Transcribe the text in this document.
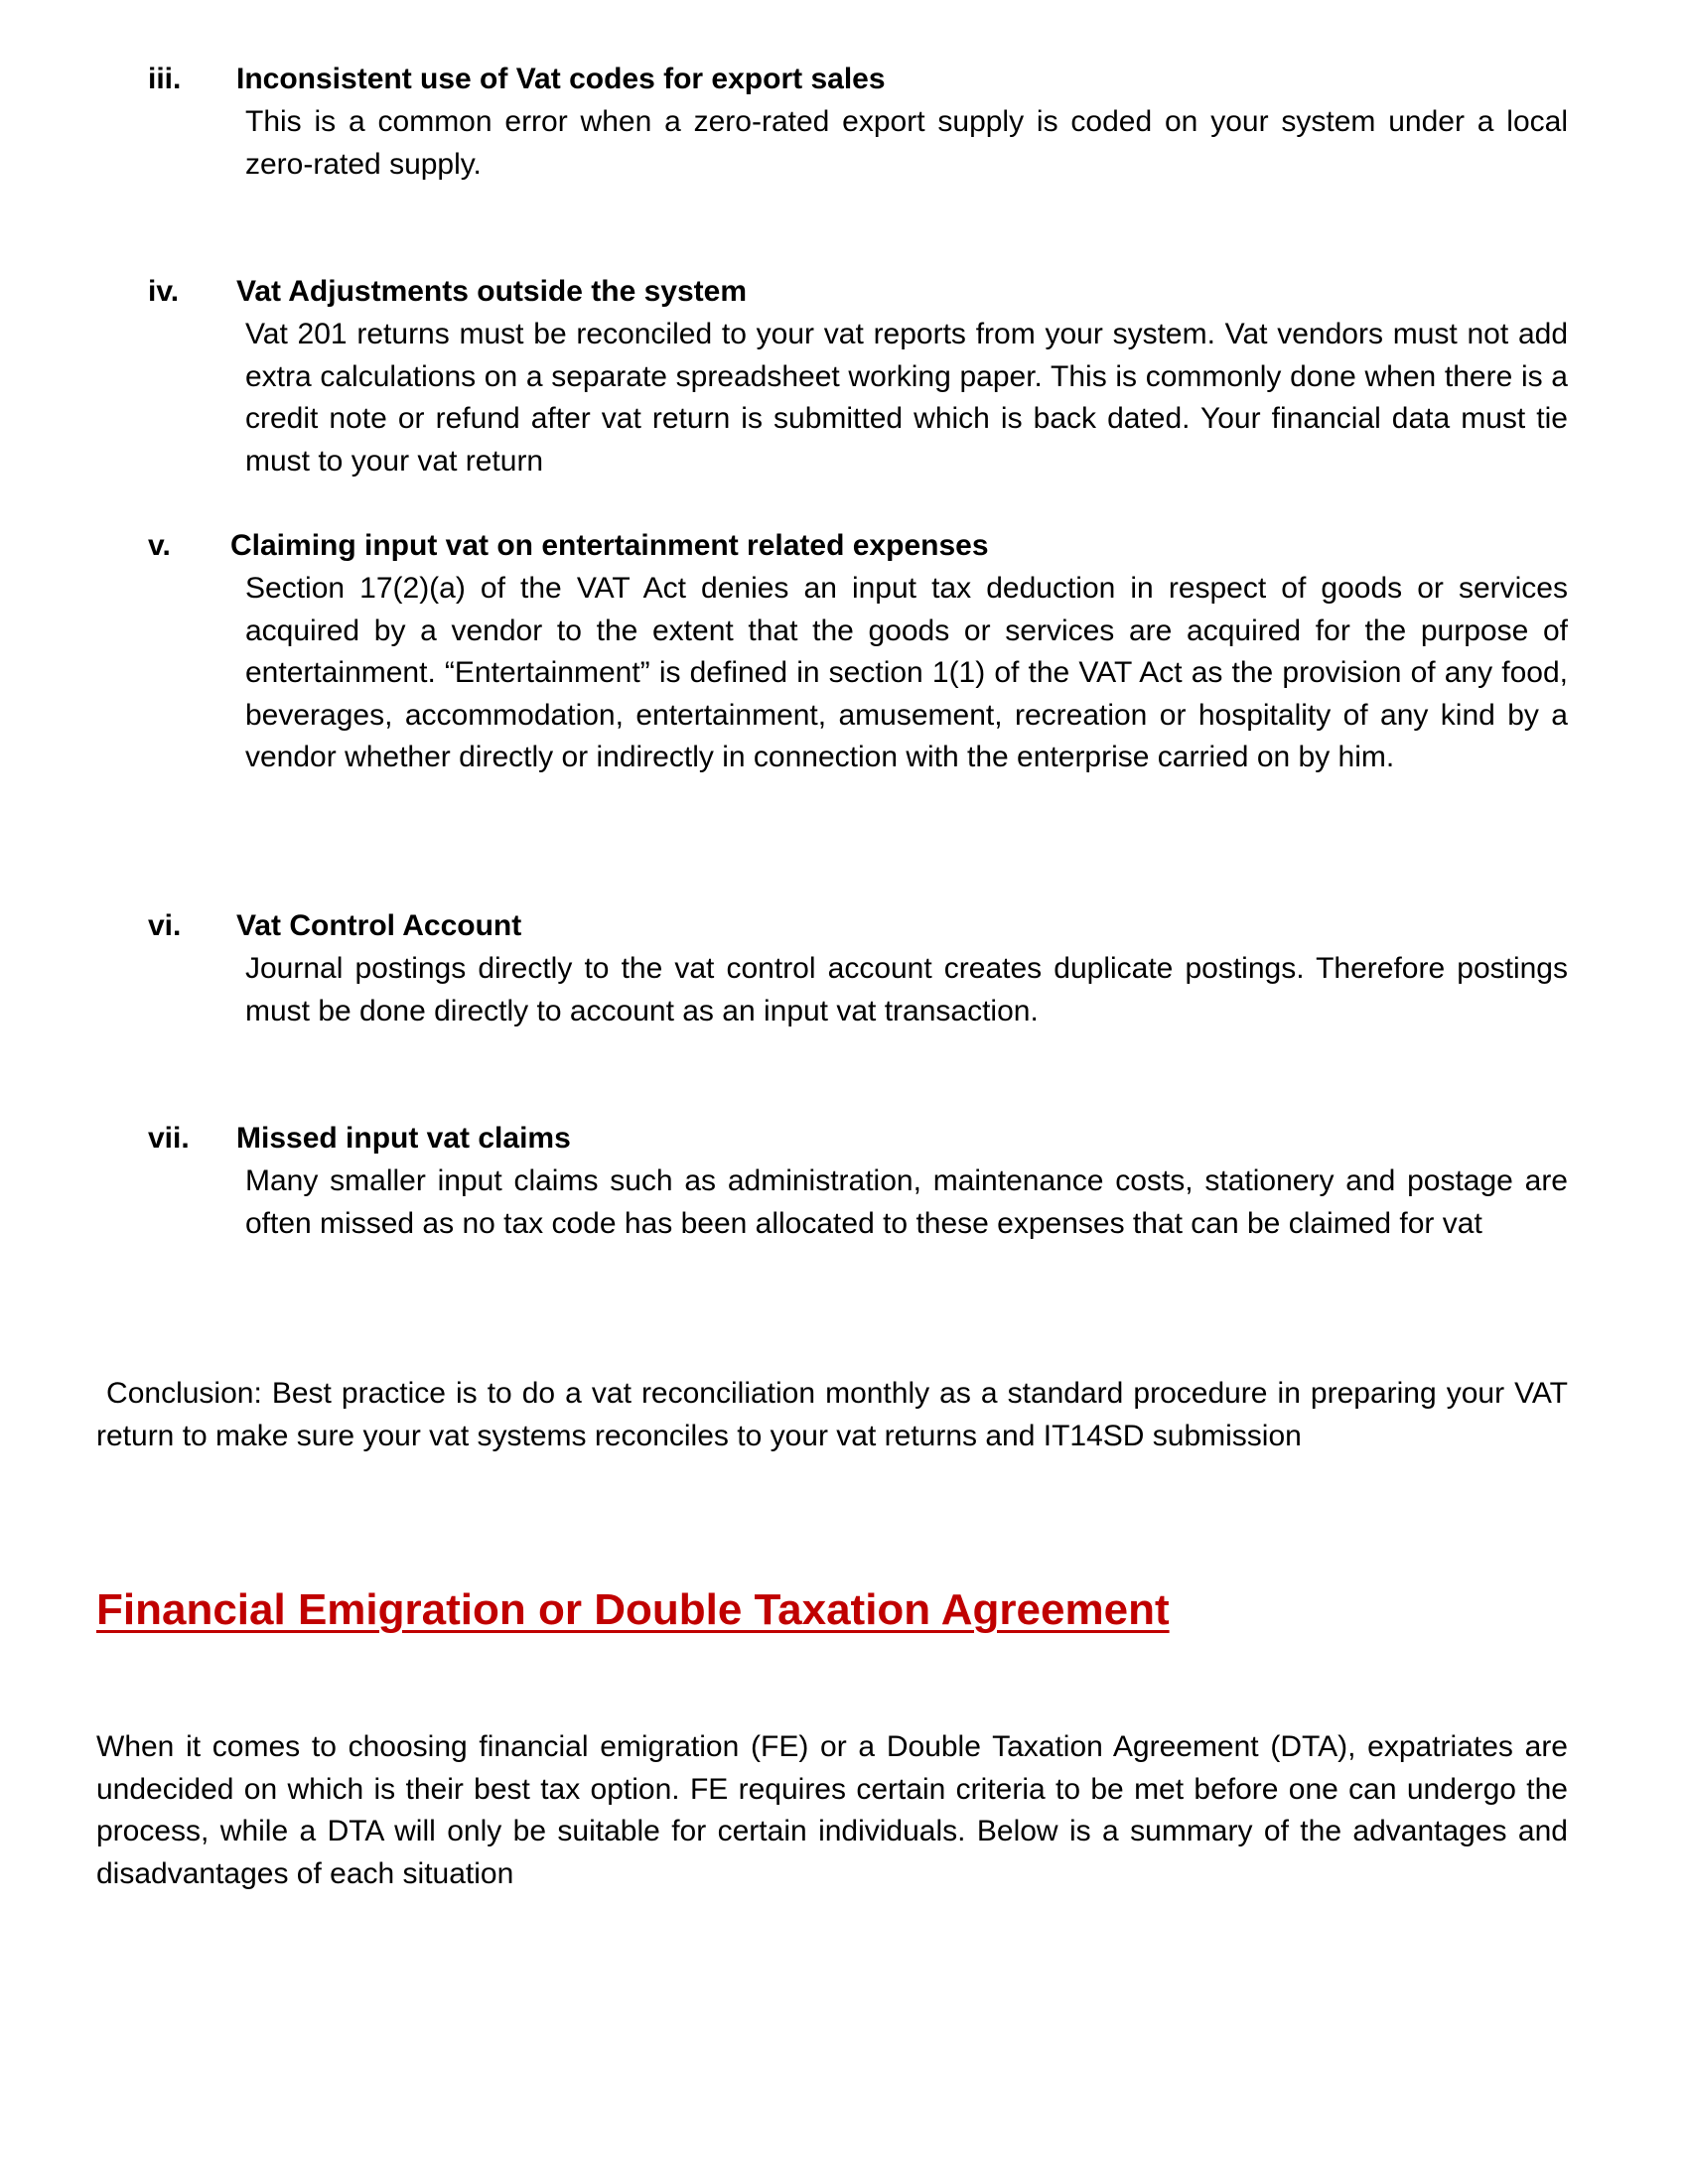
iii. Inconsistent use of Vat codes for export sales
This is a common error when a zero-rated export supply is coded on your system under a local zero-rated supply.
iv. Vat Adjustments outside the system
Vat 201 returns must be reconciled to your vat reports from your system. Vat vendors must not add extra calculations on a separate spreadsheet working paper. This is commonly done when there is a credit note or refund after vat return is submitted which is back dated. Your financial data must tie must to your vat return
v. Claiming input vat on entertainment related expenses
Section 17(2)(a) of the VAT Act denies an input tax deduction in respect of goods or services acquired by a vendor to the extent that the goods or services are acquired for the purpose of entertainment. “Entertainment” is defined in section 1(1) of the VAT Act as the provision of any food, beverages, accommodation, entertainment, amusement, recreation or hospitality of any kind by a vendor whether directly or indirectly in connection with the enterprise carried on by him.
vi. Vat Control Account
Journal postings directly to the vat control account creates duplicate postings. Therefore postings must be done directly to account as an input vat transaction.
vii. Missed input vat claims
Many smaller input claims such as administration, maintenance costs, stationery and postage are often missed as no tax code has been allocated to these expenses that can be claimed for vat
Conclusion: Best practice is to do a vat reconciliation monthly as a standard procedure in preparing your VAT return to make sure your vat systems reconciles to your vat returns and IT14SD submission
Financial Emigration or Double Taxation Agreement
When it comes to choosing financial emigration (FE) or a Double Taxation Agreement (DTA), expatriates are undecided on which is their best tax option. FE requires certain criteria to be met before one can undergo the process, while a DTA will only be suitable for certain individuals. Below is a summary of the advantages and disadvantages of each situation
